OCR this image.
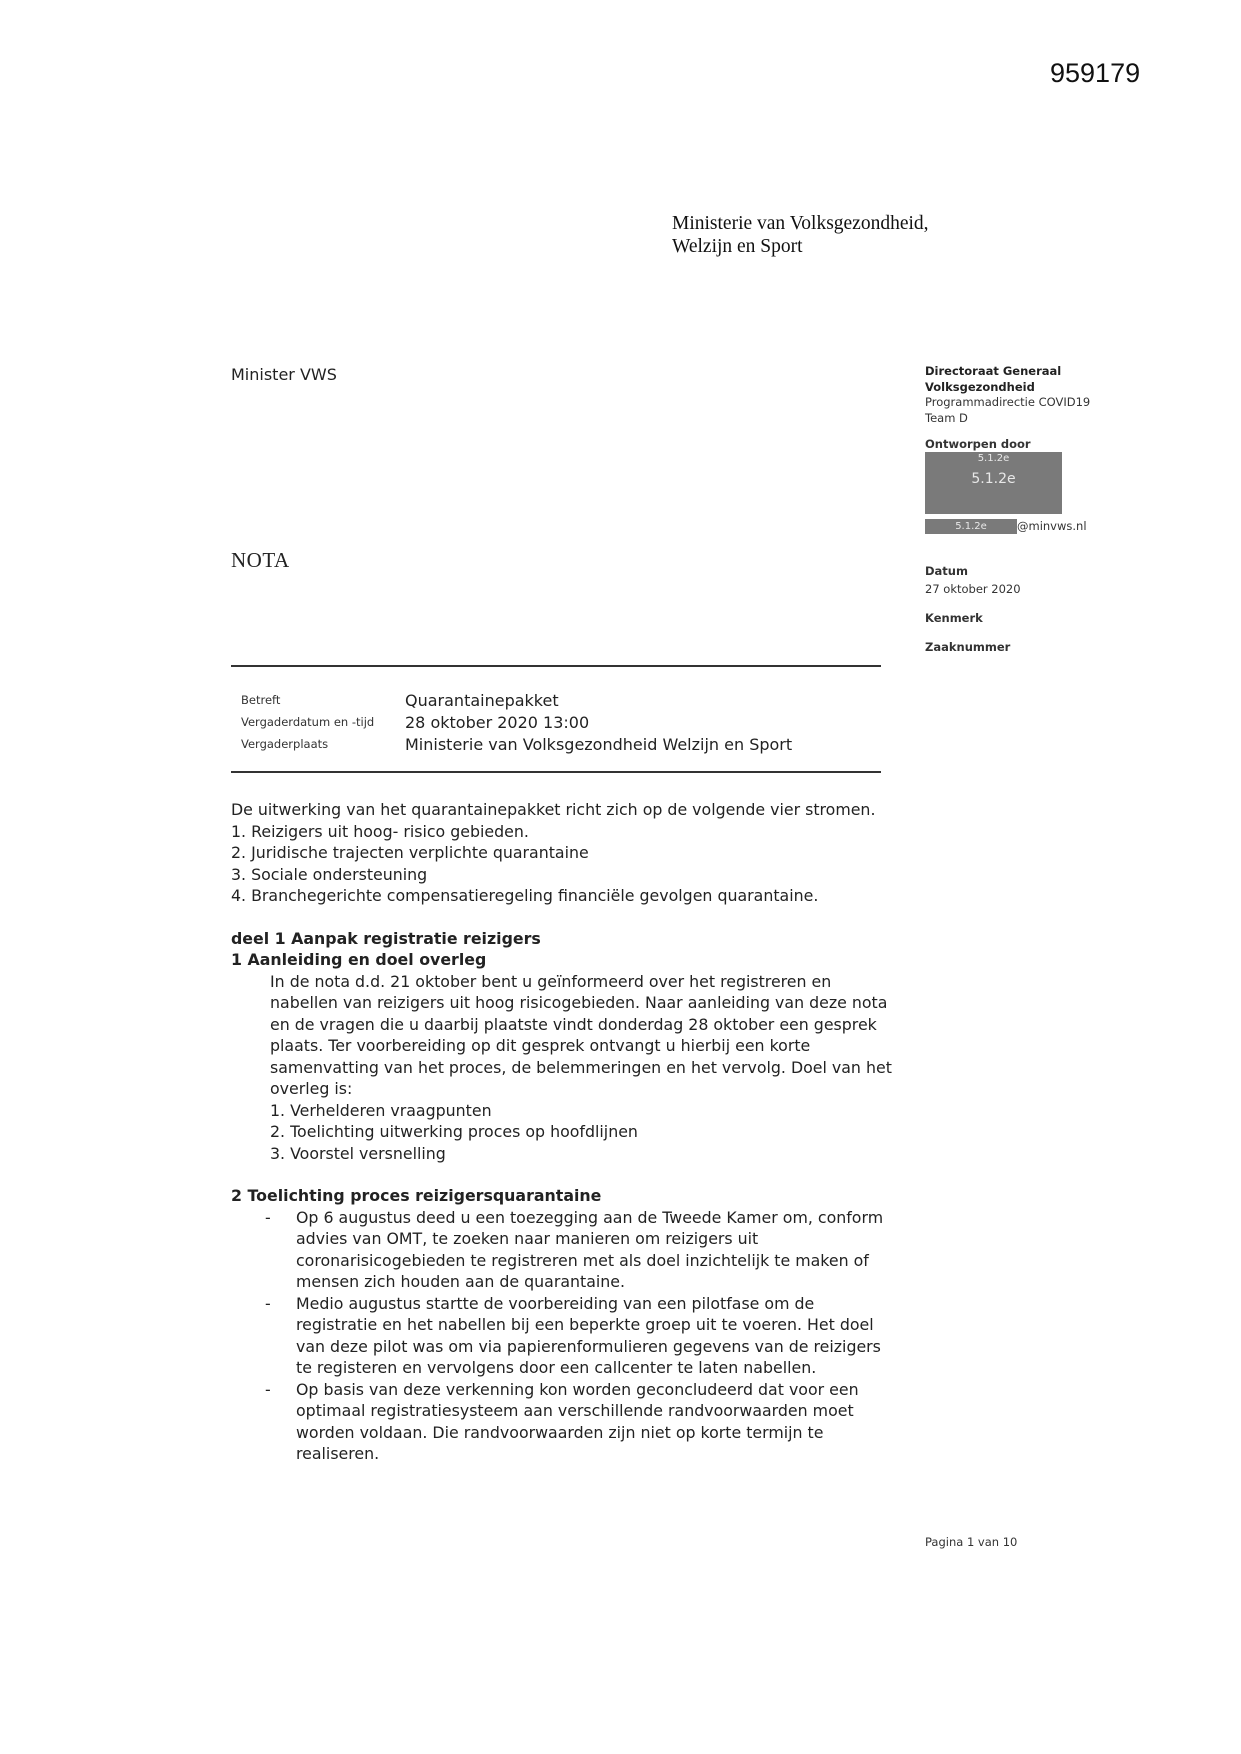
959179
Ministerie van Volksgezondheid,
Welzijn en Sport
Minister VWS
NOTA
Directoraat Generaal
Volksgezondheid
Programmadirectie COVID19
Team D
Ontworpen door
5.1.2e
5.1.2e
5.1.2e	@minvws.nl
Datum
27 oktober 2020
Kenmerk
Zaaknummer
Betreft	Quarantainepakket
Vergaderdatum en -tijd 28 oktober 2020 13:00
Vergaderplaats	Ministerie van Volksgezondheid Welzijn en Sport

De uitwerking van het quarantainepakket richt zich op de volgende vier stromen.

1. Reizigers uit hoog- risico gebieden.

2. Juridische trajecten verplichte quarantaine

3. Sociale ondersteuning

4. Branchegerichte compensatieregeling financiële gevolgen quarantaine.

deel 1 Aanpak registratie reizigers

1 Aanleiding en doel overleg

In de nota d.d. 21 oktober bent u geïnformeerd over het registreren en

nabellen van reizigers uit hoog risicogebieden. Naar aanleiding van deze nota

en de vragen die u daarbij plaatste vindt donderdag 28 oktober een gesprek

plaats. Ter voorbereiding op dit gesprek ontvangt u hierbij een korte

samenvatting van het proces, de belemmeringen en het vervolg. Doel van het

overleg is:

1. Verhelderen vraagpunten

2. Toelichting uitwerking proces op hoofdlijnen

3. Voorstel versnelling

2 Toelichting proces reizigersquarantaine

-	Op 6 augustus deed u een toezegging aan de Tweede Kamer om, conform

advies van OMT, te zoeken naar manieren om reizigers uit

coronarisicogebieden te registreren met als doel inzichtelijk te maken of

mensen zich houden aan de quarantaine.

-	Medio augustus startte de voorbereiding van een pilotfase om de

registratie en het nabellen bij een beperkte groep uit te voeren. Het doel

van deze pilot was om via papierenformulieren gegevens van de reizigers

te registeren en vervolgens door een callcenter te laten nabellen.

-	Op basis van deze verkenning kon worden geconcludeerd dat voor een

optimaal registratiesysteem aan verschillende randvoorwaarden moet

worden voldaan. Die randvoorwaarden zijn niet op korte termijn te

realiseren.

Pagina 1 van 10
